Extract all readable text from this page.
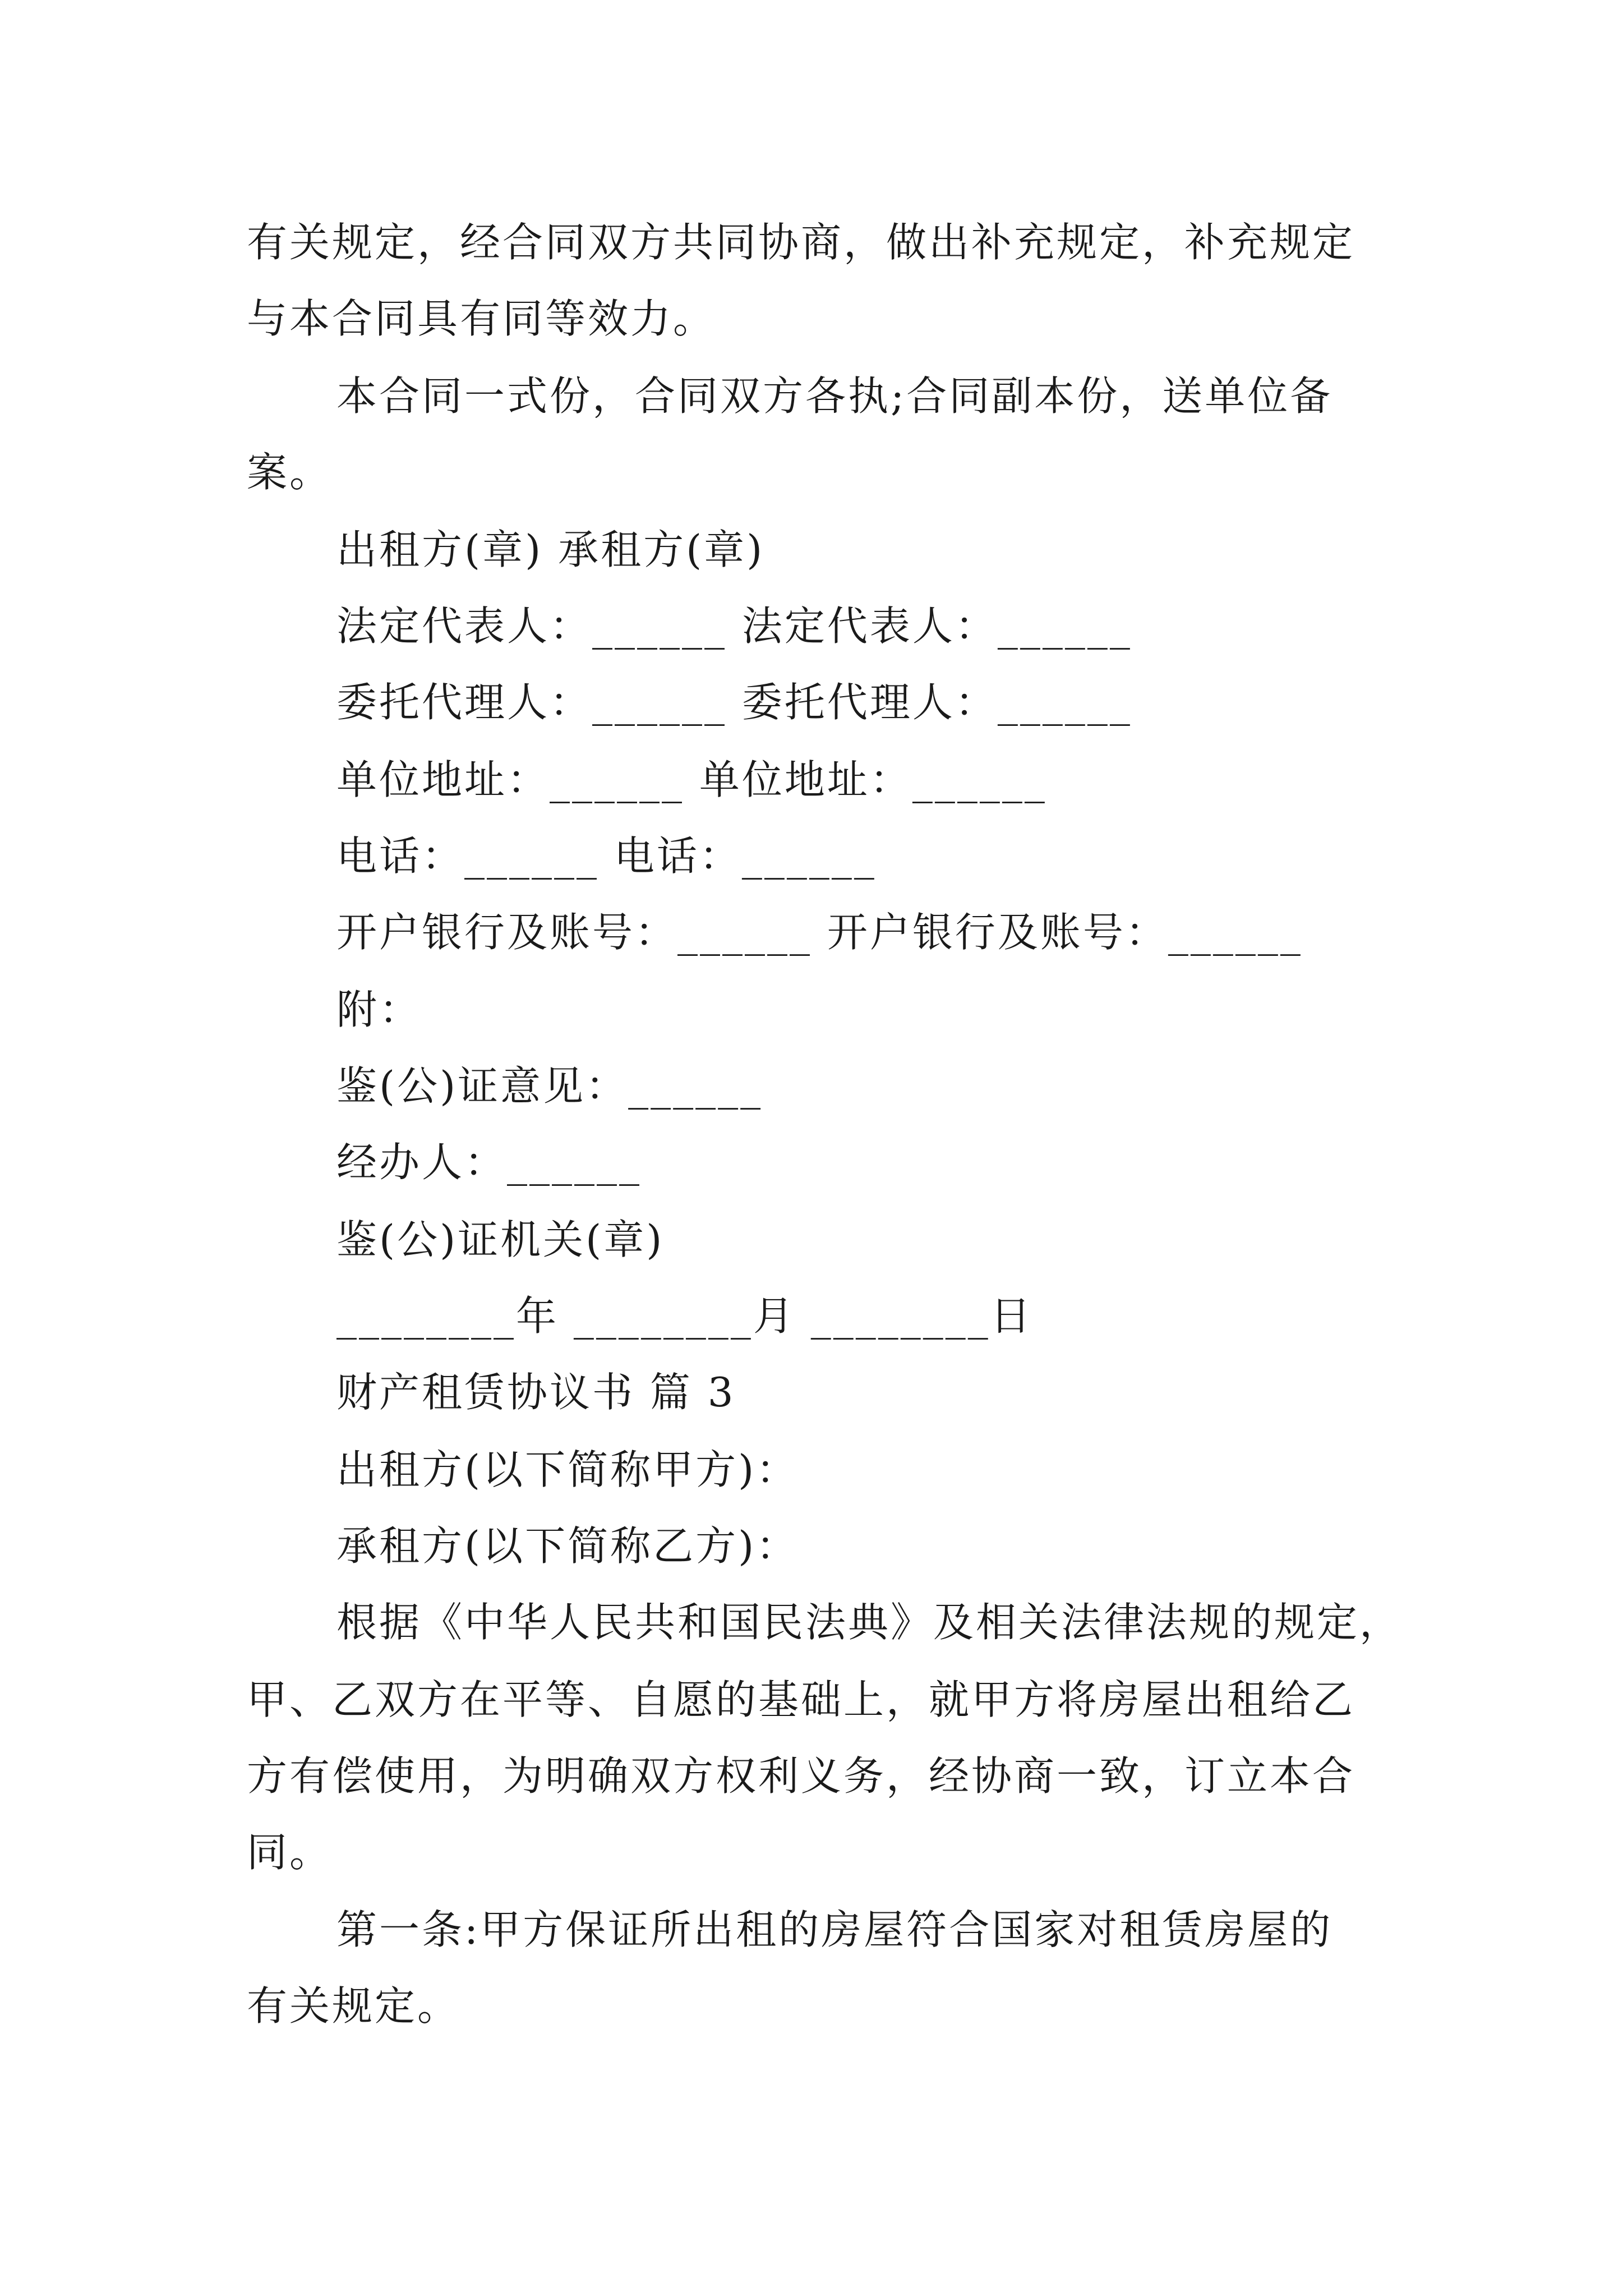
有关规定，经合同双方共同协商，做出补充规定，补充规定
与本合同具有同等效力。
本合同一式份，合同双方各执;合同副本份，送单位备
案。
出租方(章) 承租方(章)
法定代表人：______ 法定代表人：______
委托代理人：______ 委托代理人：______
单位地址：______ 单位地址：______
电话：______ 电话：______
开户银行及账号：______ 开户银行及账号：______
附：
鉴(公)证意见：______
经办人：______
鉴(公)证机关(章)
________年 ________月 ________日
财产租赁协议书 篇 3
出租方(以下简称甲方)：
承租方(以下简称乙方)：
根据《中华人民共和国民法典》及相关法律法规的规定，
甲、乙双方在平等、自愿的基础上，就甲方将房屋出租给乙
方有偿使用，为明确双方权利义务，经协商一致，订立本合
同。
第一条:甲方保证所出租的房屋符合国家对租赁房屋的
有关规定。
